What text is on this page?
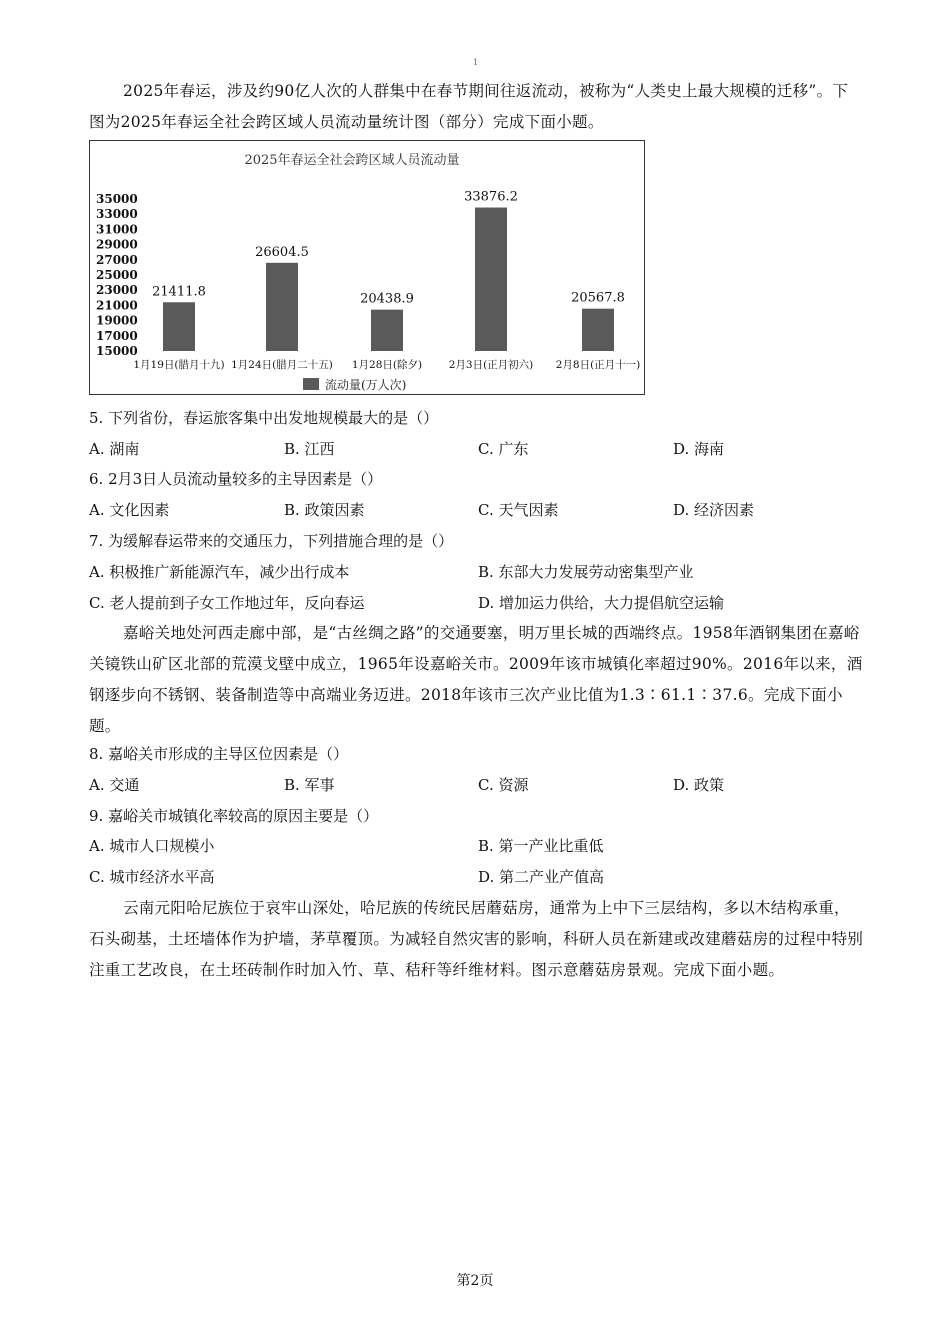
1

2025年春运，涉及约90亿人次的人群集中在春节期间往返流动，被称为“人类史上最大规模的迁移”。下图为2025年春运全社会跨区域人员流动量统计图（部分）完成下面小题。

2025年春运全社会跨区域人员流动量
15000
17000
19000
21000
23000
25000
27000
29000
31000
33000
35000
21411.8
26604.5
20438.9
33876.2
20567.8
1月19日(腊月十九) 1月24日(腊月二十五) 1月28日(除夕)	2月3日(正月初六) 2月8日(正月十一)
流动量(万人次)
5. 下列省份，春运旅客集中出发地规模最大的是（）
A. 湖南	B. 江西	C. 广东	D. 海南
6. 2月3日人员流动量较多的主导因素是（）
A. 文化因素	B. 政策因素	C. 天气因素	D. 经济因素
7. 为缓解春运带来的交通压力，下列措施合理的是（）
A. 积极推广新能源汽车，减少出行成本	B. 东部大力发展劳动密集型产业
C. 老人提前到子女工作地过年，反向春运	D. 增加运力供给，大力提倡航空运输

嘉峪关地处河西走廊中部，是“古丝绸之路”的交通要塞，明万里长城的西端终点。1958年酒钢集团在嘉峪关镜铁山矿区北部的荒漠戈壁中成立，1965年设嘉峪关市。2009年该市城镇化率超过90%。2016年以来，酒钢逐步向不锈钢、装备制造等中高端业务迈进。2018年该市三次产业比值为1.3∶61.1∶37.6。完成下面小题。

8. 嘉峪关市形成的主导区位因素是（）
A. 交通	B. 军事	C. 资源	D. 政策
9. 嘉峪关市城镇化率较高的原因主要是（）
A. 城市人口规模小	B. 第一产业比重低
C. 城市经济水平高	D. 第二产业产值高

云南元阳哈尼族位于哀牢山深处，哈尼族的传统民居蘑菇房，通常为上中下三层结构，多以木结构承重，石头砌基，土坯墙体作为护墙，茅草覆顶。为减轻自然灾害的影响，科研人员在新建或改建蘑菇房的过程中特别注重工艺改良，在土坯砖制作时加入竹、草、秸秆等纤维材料。图示意蘑菇房景观。完成下面小题。

第2页
